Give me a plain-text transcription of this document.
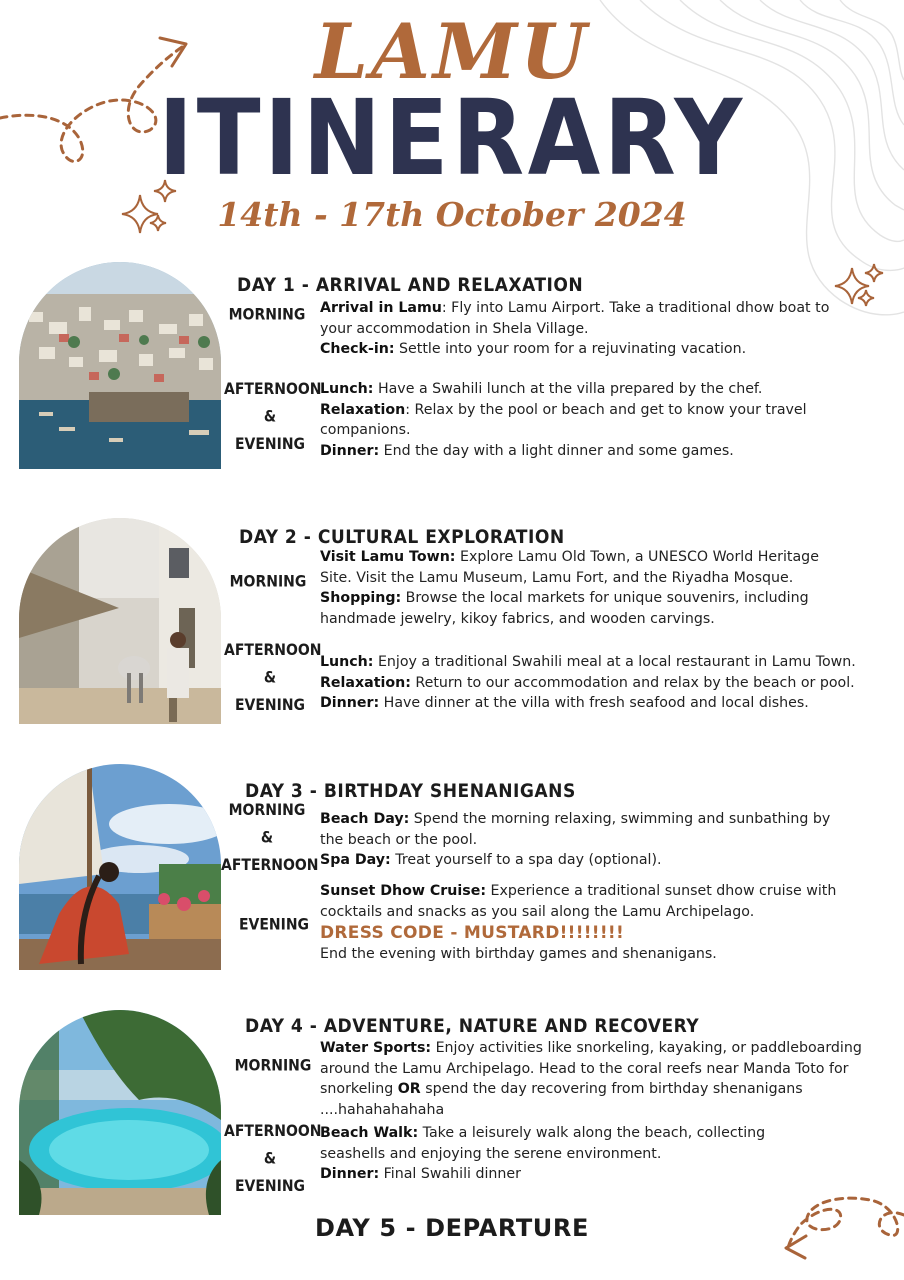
LAMU
ITINERARY
14th - 17th October 2024
DAY 1 - ARRIVAL AND RELAXATION
MORNING	Arrival in Lamu: Fly into Lamu Airport. Take a traditional dhow boat to your accommodation in Shela Village.

Check-in: Settle into your room for a rejuvinating vacation.

AFTERNOON
&
EVENING

Lunch: Have a Swahili lunch at the villa prepared by the chef.

Relaxation: Relax by the pool or beach and get to know your travel companions.

Dinner: End the day with a light dinner and some games.

DAY 2 - CULTURAL EXPLORATION
MORNING

Visit Lamu Town: Explore Lamu Old Town, a UNESCO World Heritage Site. Visit the Lamu Museum, Lamu Fort, and the Riyadha Mosque.

Shopping: Browse the local markets for unique souvenirs, including handmade jewelry, kikoy fabrics, and wooden carvings.

AFTERNOON
&
EVENING

Lunch: Enjoy a traditional Swahili meal at a local restaurant in Lamu Town.

Relaxation: Return to our accommodation and relax by the beach or pool.

Dinner: Have dinner at the villa with fresh seafood and local dishes.

DAY 3 - BIRTHDAY SHENANIGANS
MORNING
&
AFTERNOON

Beach Day: Spend the morning relaxing, swimming and sunbathing by the beach or the pool.

Spa Day: Treat yourself to a spa day (optional).

EVENING

Sunset Dhow Cruise: Experience a traditional sunset dhow cruise with cocktails and snacks as you sail along the Lamu Archipelago.

DRESS CODE - MUSTARD!!!!!!!!

End the evening with birthday games and shenanigans.

DAY 4 - ADVENTURE, NATURE AND RECOVERY
MORNING

Water Sports: Enjoy activities like snorkeling, kayaking, or paddleboarding around the Lamu Archipelago. Head to the coral reefs near Manda Toto for snorkeling OR spend the day recovering from birthday shenanigans ....hahahahahaha

AFTERNOON
&
EVENING

Beach Walk: Take a leisurely walk along the beach, collecting seashells and enjoying the serene environment.

Dinner: Final Swahili dinner

DAY 5 - DEPARTURE
